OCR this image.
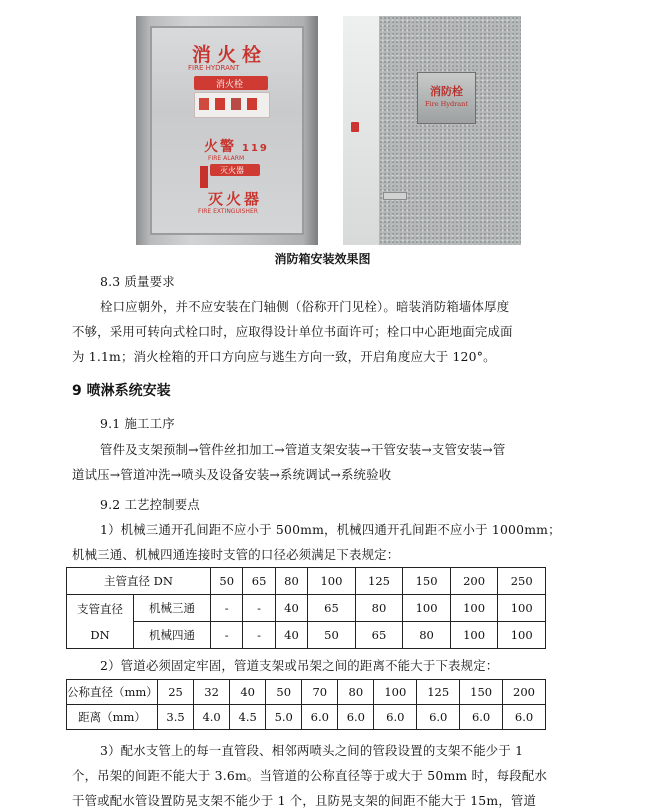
消火栓
FIRE HYDRANT
消火栓
火警 119
FIRE ALARM
灭火器
灭火器
FIRE EXTINGUISHER
消防栓
Fire Hydrant
消防箱安装效果图
8.3 质量要求
栓口应朝外，并不应安装在门轴侧（俗称开门见栓）。暗装消防箱墙体厚度
不够，采用可转向式栓口时，应取得设计单位书面许可；栓口中心距地面完成面
为 1.1m；消火栓箱的开口方向应与逃生方向一致，开启角度应大于 120°。
9 喷淋系统安装
9.1 施工工序
管件及支架预制→管件丝扣加工→管道支架安装→干管安装→支管安装→管
道试压→管道冲洗→喷头及设备安装→系统调试→系统验收
9.2 工艺控制要点
1）机械三通开孔间距不应小于 500mm，机械四通开孔间距不应小于 1000mm；
机械三通、机械四通连接时支管的口径必须满足下表规定：
主管直径 DN		50	65	80	100	125	150	200	250

支管直径
DN	机械三通	-	-	40	65	80	100	100	100
	机械四通	-	-	40	50	65	80	100	100
2）管道必须固定牢固，管道支架或吊架之间的距离不能大于下表规定：
公称直径（mm）	25	32	40	50	70	80	100	125	150	200
距离（mm）	3.5	4.0	4.5	5.0	6.0	6.0	6.0	6.0	6.0	6.0
3）配水支管上的每一直管段、相邻两喷头之间的管段设置的支架不能少于 1
个，吊架的间距不能大于 3.6m。当管道的公称直径等于或大于 50mm 时，每段配水
干管或配水管设置防晃支架不能少于 1 个，且防晃支架的间距不能大于 15m，管道
